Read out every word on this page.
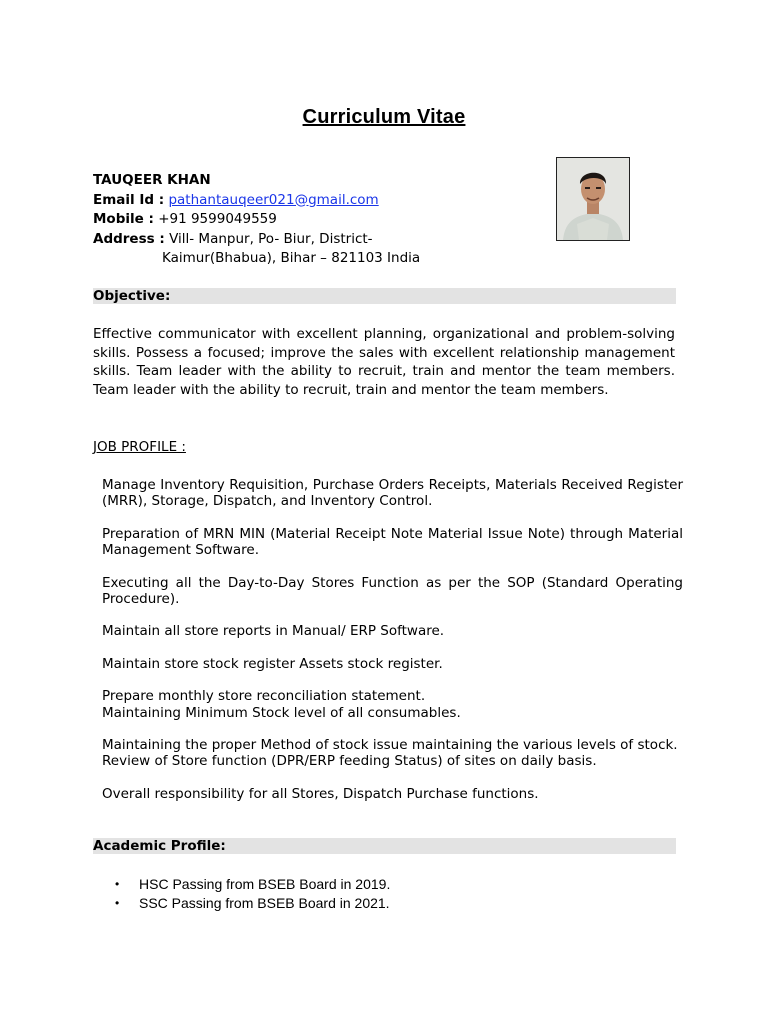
Curriculum Vitae
TAUQEER KHAN
Email Id : pathantauqeer021@gmail.com
Mobile : +91 9599049559
Address : Vill- Manpur, Po- Biur, District-
Kaimur(Bhabua), Bihar – 821103 India
Objective:

Effective communicator with excellent planning, organizational and problem-solving skills. Possess a focused; improve the sales with excellent relationship management skills. Team leader with the ability to recruit, train and mentor the team members. Team leader with the ability to recruit, train and mentor the team members.

JOB PROFILE :
Manage Inventory Requisition, Purchase Orders Receipts, Materials Received Register (MRR), Storage, Dispatch, and Inventory Control.
Preparation of MRN MIN (Material Receipt Note Material Issue Note) through Material Management Software.
Executing all the Day-to-Day Stores Function as per the SOP (Standard Operating Procedure).
Maintain all store reports in Manual/ ERP Software.
Maintain store stock register Assets stock register.
Prepare monthly store reconciliation statement.
Maintaining Minimum Stock level of all consumables.
Maintaining the proper Method of stock issue maintaining the various levels of stock.
Review of Store function (DPR/ERP feeding Status) of sites on daily basis.
Overall responsibility for all Stores, Dispatch Purchase functions.
Academic Profile:
•	HSC Passing from BSEB Board in 2019.
•	SSC Passing from BSEB Board in 2021.
